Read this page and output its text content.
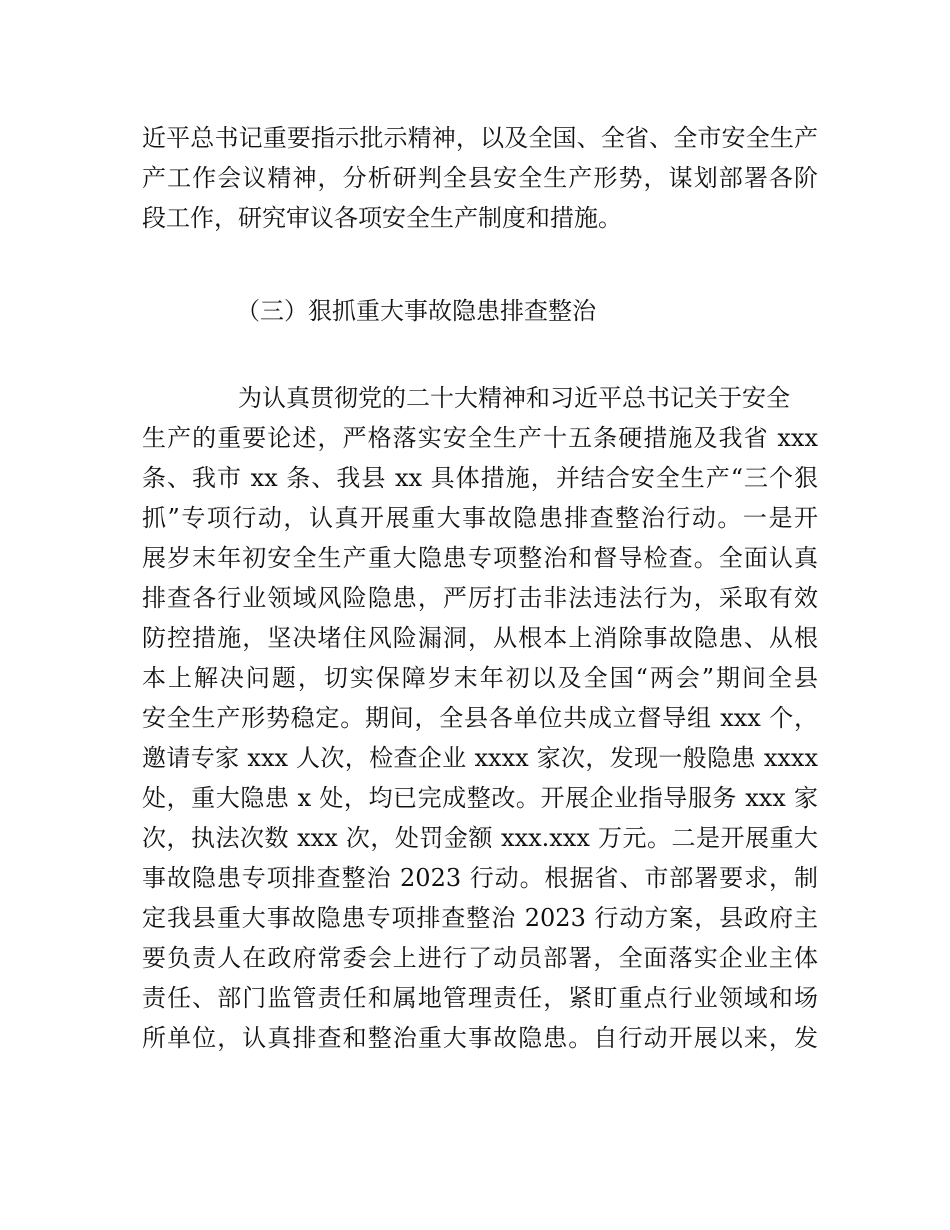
近平总书记重要指示批示精神，以及全国、全省、全市安全生产
产工作会议精神，分析研判全县安全生产形势，谋划部署各阶
段工作，研究审议各项安全生产制度和措施。
（三）狠抓重大事故隐患排查整治
为认真贯彻党的二十大精神和习近平总书记关于安全
生产的重要论述，严格落实安全生产十五条硬措施及我省 xxx
条、我市 xx 条、我县 xx 具体措施，并结合安全生产“三个狠
抓”专项行动，认真开展重大事故隐患排查整治行动。一是开
展岁末年初安全生产重大隐患专项整治和督导检查。全面认真
排查各行业领域风险隐患，严厉打击非法违法行为，采取有效
防控措施，坚决堵住风险漏洞，从根本上消除事故隐患、从根
本上解决问题，切实保障岁末年初以及全国“两会”期间全县
安全生产形势稳定。期间，全县各单位共成立督导组 xxx 个，
邀请专家 xxx 人次，检查企业 xxxx 家次，发现一般隐患 xxxx
处，重大隐患 x 处，均已完成整改。开展企业指导服务 xxx 家
次，执法次数 xxx 次，处罚金额 xxx.xxx 万元。二是开展重大
事故隐患专项排查整治 2023 行动。根据省、市部署要求，制
定我县重大事故隐患专项排查整治 2023 行动方案，县政府主
要负责人在政府常委会上进行了动员部署，全面落实企业主体
责任、部门监管责任和属地管理责任，紧盯重点行业领域和场
所单位，认真排查和整治重大事故隐患。自行动开展以来，发
